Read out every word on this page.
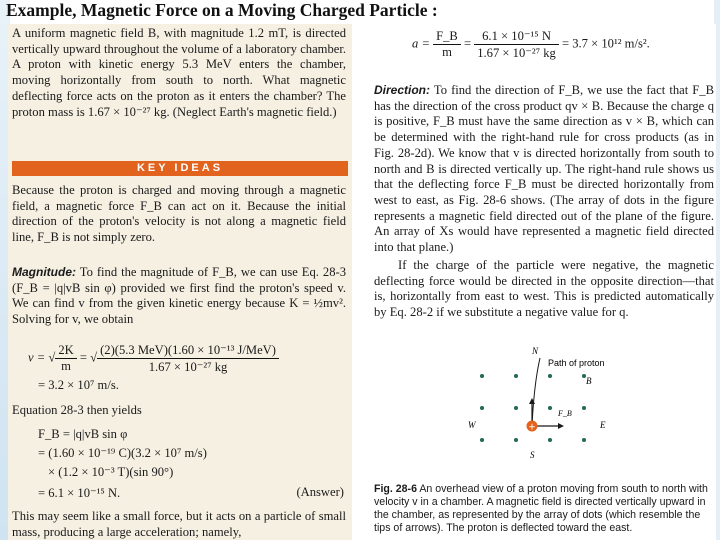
Example, Magnetic Force on a Moving Charged Particle :

A uniform magnetic field B, with magnitude 1.2 mT, is directed vertically upward throughout the volume of a laboratory chamber. A proton with kinetic energy 5.3 MeV enters the chamber, moving horizontally from south to north. What magnetic deflecting force acts on the proton as it enters the chamber? The proton mass is 1.67 × 10⁻²⁷ kg. (Neglect Earth's magnetic field.)

KEY IDEAS

Because the proton is charged and moving through a magnetic field, a magnetic force F_B can act on it. Because the initial direction of the proton's velocity is not along a magnetic field line, F_B is not simply zero.

Magnitude: To find the magnitude of F_B, we can use Eq. 28-3 (F_B = |q|vB sin φ) provided we first find the proton's speed v. We can find v from the given kinetic energy because K = ½mv². Solving for v, we obtain

v = √ $\frac{2K}{m}$ = √ $\frac{\text{(2)(5.3 MeV)(1.60 × 10⁻¹³ J/MeV)}}{\text{1.67 × 10⁻²⁷ kg}}$
= 3.2 × 10⁷ m/s.

Equation 28-3 then yields

F_B = |q|vB sin φ
= (1.60 × 10⁻¹⁹ C)(3.2 × 10⁷ m/s)
× (1.2 × 10⁻³ T)(sin 90°)
= 6.1 × 10⁻¹⁵ N.	(Answer)

This may seem like a small force, but it acts on a particle of small mass, producing a large acceleration; namely,

$a = \frac{F\_B}{m} = \frac{\text{6.1 × 10⁻¹⁵ N}}{\text{1.67 × 10⁻²⁷ kg}} = 3.7 \times 10^{12}$ m/s².

Direction: To find the direction of F_B, we use the fact that F_B has the direction of the cross product qv × B. Because the charge q is positive, F_B must have the same direction as v × B, which can be determined with the right-hand rule for cross products (as in Fig. 28-2d). We know that v is directed horizontally from south to north and B is directed vertically up. The right-hand rule shows us that the deflecting force F_B must be directed horizontally from west to east, as Fig. 28-6 shows. (The array of dots in the figure represents a magnetic field directed out of the plane of the figure. An array of Xs would have represented a magnetic field directed into that plane.)

If the charge of the particle were negative, the magnetic deflecting force would be directed in the opposite direction—that is, horizontally from east to west. This is predicted automatically by Eq. 28-2 if we substitute a negative value for q.

+
N
S
W	E
Path of proton
B
F_B

Fig. 28-6 An overhead view of a proton moving from south to north with velocity v in a chamber. A magnetic field is directed vertically upward in the chamber, as represented by the array of dots (which resemble the tips of arrows). The proton is deflected toward the east.
